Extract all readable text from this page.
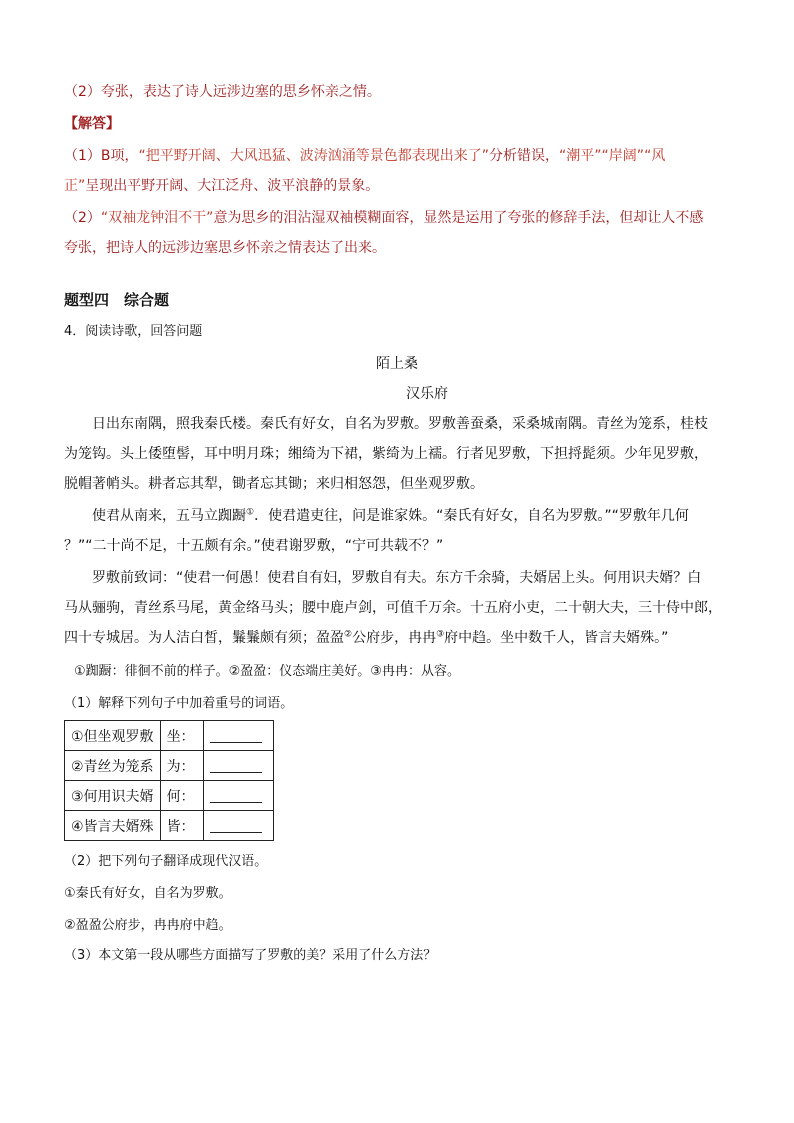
（2）夸张，表达了诗人远涉边塞的思乡怀亲之情。
【解答】
（1）B项，“把平野开阔、大风迅猛、波涛汹涌等景色都表现出来了”分析错误，“潮平”“岸阔”“风
正”呈现出平野开阔、大江泛舟、波平浪静的景象。
（2）“双袖龙钟泪不干”意为思乡的泪沾湿双袖模糊面容，显然是运用了夸张的修辞手法，但却让人不感
夸张，把诗人的远涉边塞思乡怀亲之情表达了出来。
题型四　综合题
4．阅读诗歌，回答问题
陌上桑
汉乐府
日出东南隅，照我秦氏楼。秦氏有好女，自名为罗敷。罗敷善蚕桑，采桑城南隅。青丝为笼系，桂枝
为笼钩。头上倭堕髻，耳中明月珠；缃绮为下裙，紫绮为上襦。行者见罗敷，下担捋髭须。少年见罗敷，
脱帽著帩头。耕者忘其犁，锄者忘其锄；来归相怒怨，但坐观罗敷。
使君从南来，五马立踟蹰①．使君遣吏往，问是谁家姝。“秦氏有好女，自名为罗敷。”“罗敷年几何
？”“二十尚不足，十五颇有余。”使君谢罗敷，“宁可共载不？”
罗敷前致词：“使君一何愚！使君自有妇，罗敷自有夫。东方千余骑，夫婿居上头。何用识夫婿？白
马从骊驹，青丝系马尾，黄金络马头；腰中鹿卢剑，可值千万余。十五府小吏，二十朝大夫，三十侍中郎，
四十专城居。为人洁白皙，鬑鬑颇有须；盈盈②公府步，冉冉③府中趋。坐中数千人，皆言夫婿殊。”
①踟蹰：徘徊不前的样子。②盈盈：仪态端庄美好。③冉冉：从容。
（1）解释下列句子中加着重号的词语。
①但坐观罗敷	坐：	
②青丝为笼系	为：	
③何用识夫婿	何：	
④皆言夫婿殊	皆：	
（2）把下列句子翻译成现代汉语。
①秦氏有好女，自名为罗敷。
②盈盈公府步，冉冉府中趋。
（3）本文第一段从哪些方面描写了罗敷的美？采用了什么方法？
